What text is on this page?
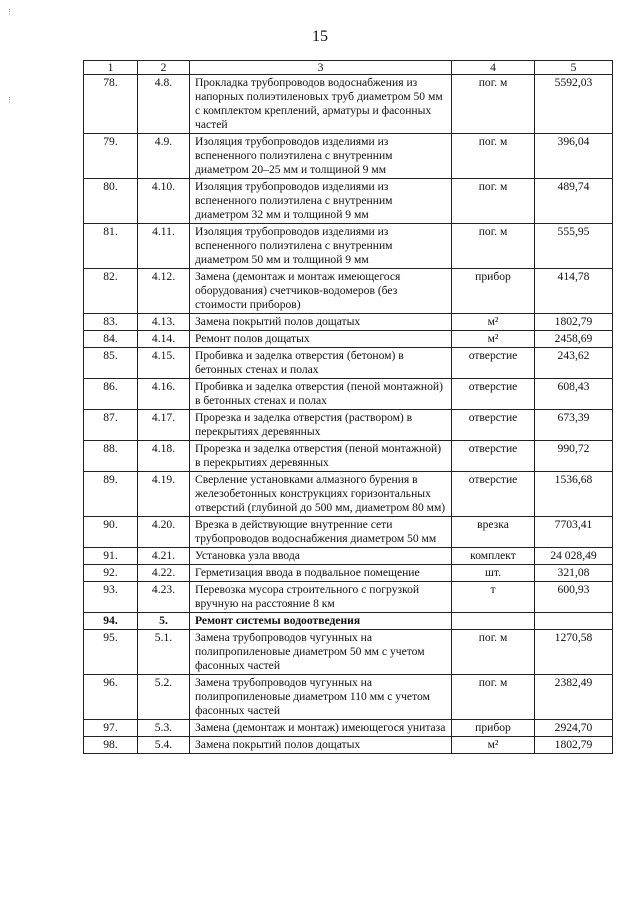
15
⋮
⋮
1	2	3	4	5
78.	4.8.	Прокладка трубопроводов водоснабжения из напорных полиэтиленовых труб диаметром 50 мм с комплектом креплений, арматуры и фасонных частей	пог. м	5592,03
79.	4.9.	Изоляция трубопроводов изделиями из вспененного полиэтилена с внутренним диаметром 20–25 мм и толщиной 9 мм	пог. м	396,04
80.	4.10.	Изоляция трубопроводов изделиями из вспененного полиэтилена с внутренним диаметром 32 мм и толщиной 9 мм	пог. м	489,74
81.	4.11.	Изоляция трубопроводов изделиями из вспененного полиэтилена с внутренним диаметром 50 мм и толщиной 9 мм	пог. м	555,95
82.	4.12.	Замена (демонтаж и монтаж имеющегося оборудования) счетчиков-водомеров (без стоимости приборов)	прибор	414,78
83.	4.13.	Замена покрытий полов дощатых	м²	1802,79
84.	4.14.	Ремонт полов дощатых	м²	2458,69
85.	4.15.	Пробивка и заделка отверстия (бетоном) в бетонных стенах и полах	отверстие	243,62
86.	4.16.	Пробивка и заделка отверстия (пеной монтажной) в бетонных стенах и полах	отверстие	608,43
87.	4.17.	Прорезка и заделка отверстия (раствором) в перекрытиях деревянных	отверстие	673,39
88.	4.18.	Прорезка и заделка отверстия (пеной монтажной) в перекрытиях деревянных	отверстие	990,72
89.	4.19.	Сверление установками алмазного бурения в железобетонных конструкциях горизонтальных отверстий (глубиной до 500 мм, диаметром 80 мм)	отверстие	1536,68
90.	4.20.	Врезка в действующие внутренние сети трубопроводов водоснабжения диаметром 50 мм	врезка	7703,41
91.	4.21.	Установка узла ввода	комплект	24 028,49
92.	4.22.	Герметизация ввода в подвальное помещение	шт.	321,08
93.	4.23.	Перевозка мусора строительного с погрузкой вручную на расстояние 8 км	т	600,93
94.	5.	Ремонт системы водоотведения		
95.	5.1.	Замена трубопроводов чугунных на полипропиленовые диаметром 50 мм с учетом фасонных частей	пог. м	1270,58
96.	5.2.	Замена трубопроводов чугунных на полипропиленовые диаметром 110 мм с учетом фасонных частей	пог. м	2382,49
97.	5.3.	Замена (демонтаж и монтаж) имеющегося унитаза	прибор	2924,70
98.	5.4.	Замена покрытий полов дощатых	м²	1802,79
